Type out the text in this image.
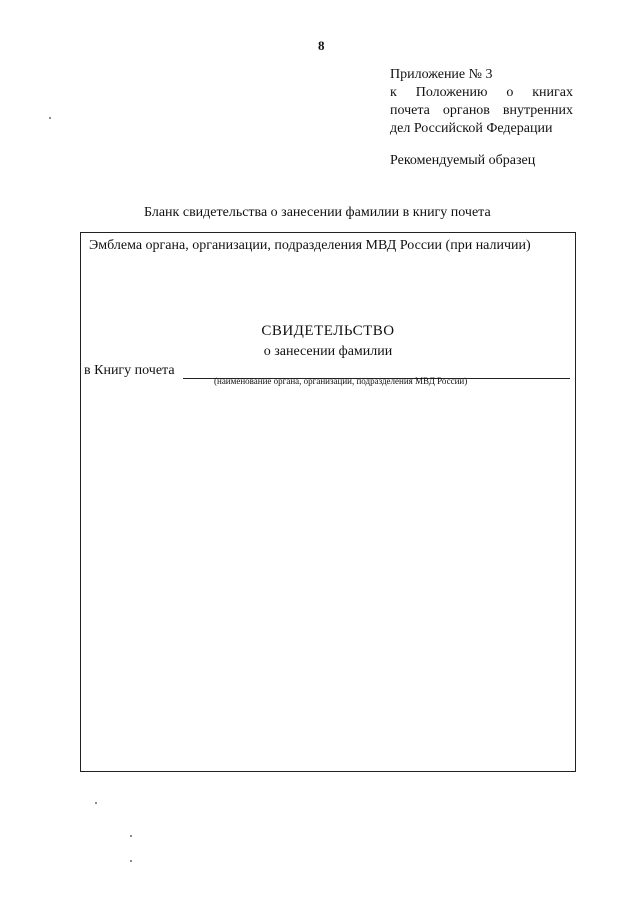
8
Приложение № 3
к Положению о книгах
почета органов внутренних
дел Российской Федерации
Рекомендуемый образец
Бланк свидетельства о занесении фамилии в книгу почета
Эмблема органа, организации, подразделения МВД России (при наличии)
СВИДЕТЕЛЬСТВО
о занесении фамилии
в Книгу почета
(наименование органа, организации, подразделения МВД России)
